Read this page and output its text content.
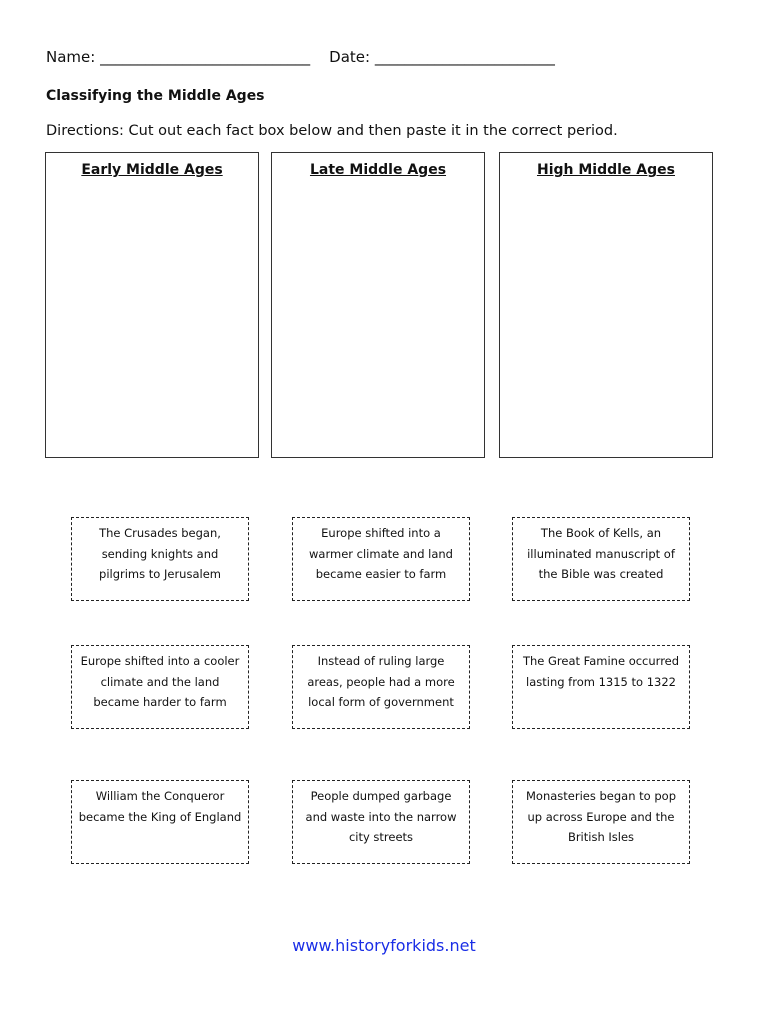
Name: ____________________________ Date: ________________________
Classifying the Middle Ages
Directions: Cut out each fact box below and then paste it in the correct period.
Early Middle Ages	Late Middle Ages	High Middle Ages
The Crusades began, sending knights and pilgrims to Jerusalem
Europe shifted into a warmer climate and land became easier to farm
The Book of Kells, an illuminated manuscript of the Bible was created
Europe shifted into a cooler climate and the land became harder to farm
Instead of ruling large areas, people had a more local form of government
The Great Famine occurred lasting from 1315 to 1322
William the Conqueror became the King of England
People dumped garbage and waste into the narrow city streets
Monasteries began to pop up across Europe and the British Isles
www.historyforkids.net
